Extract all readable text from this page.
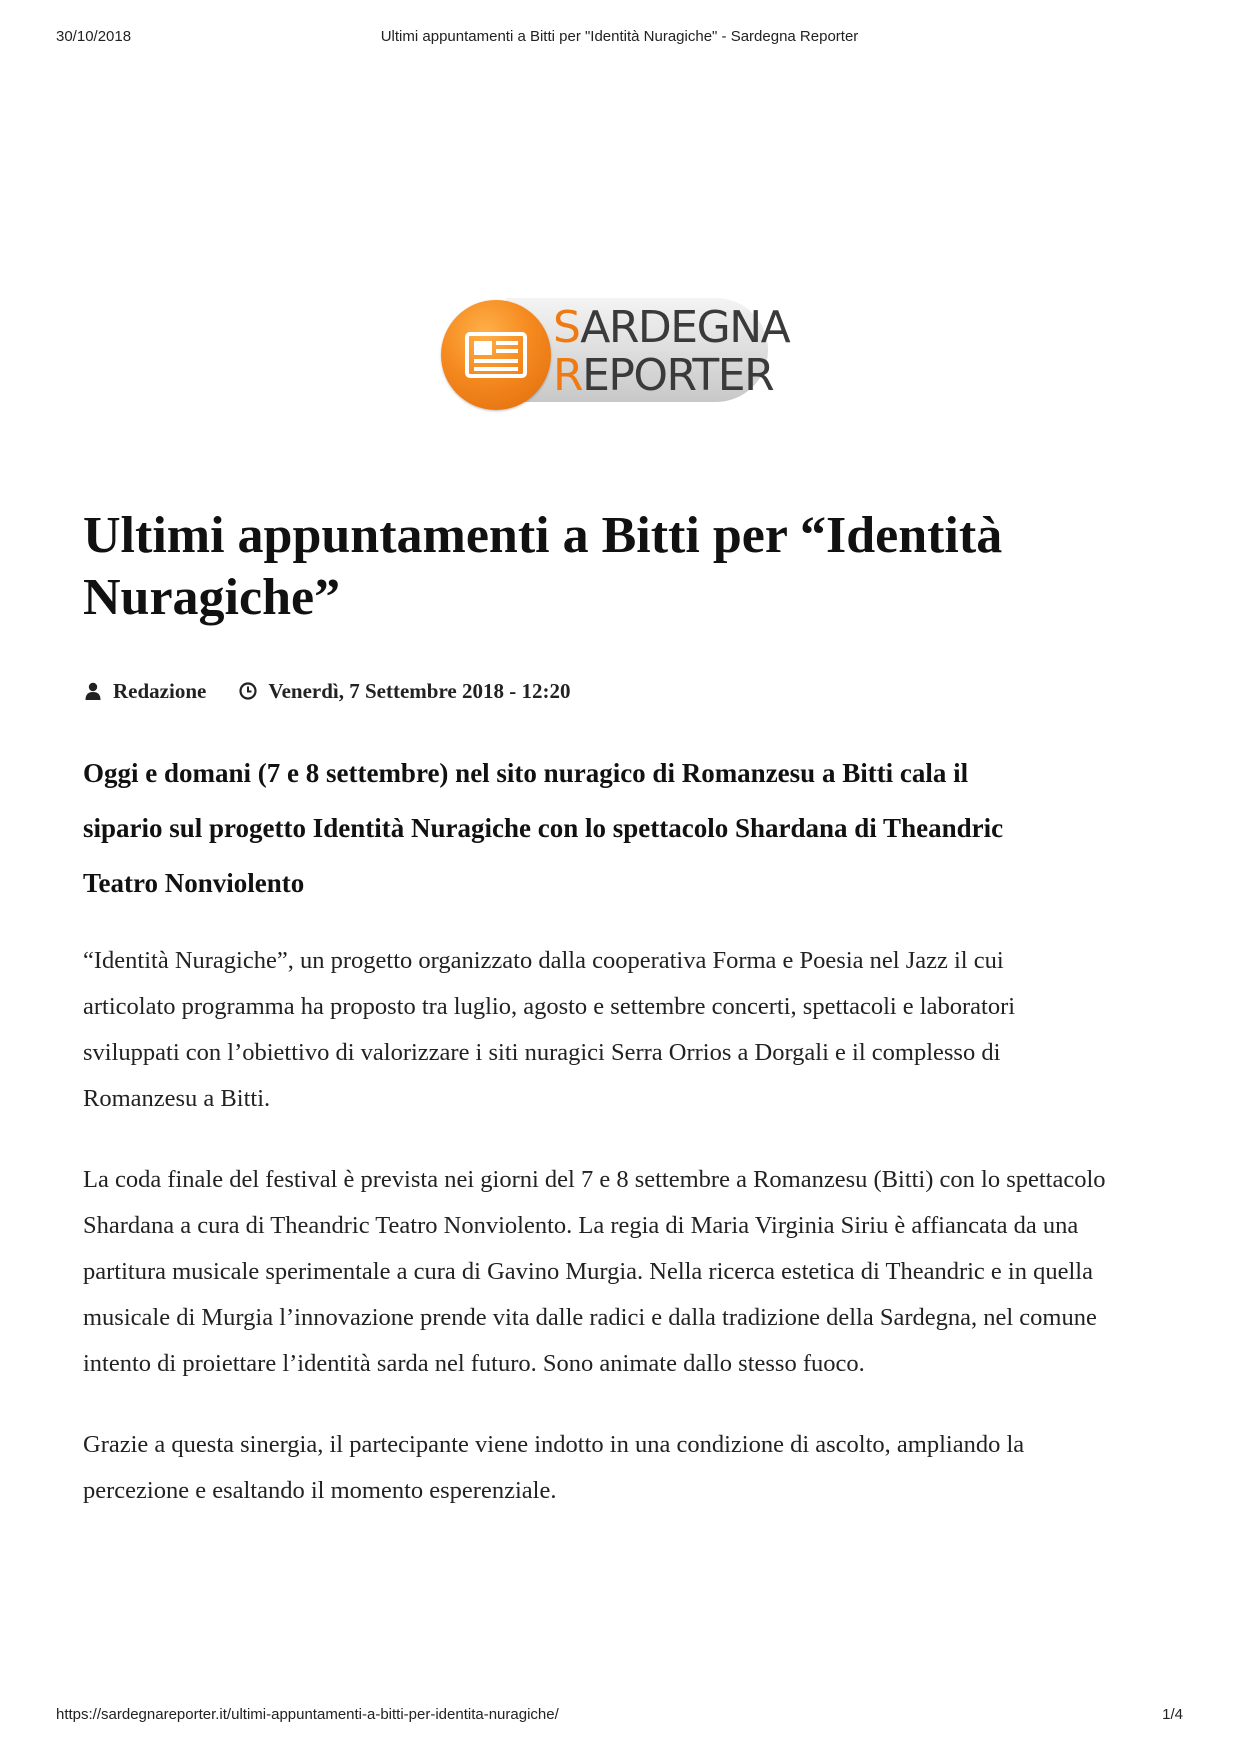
30/10/2018	Ultimi appuntamenti a Bitti per "Identità Nuragiche" - Sardegna Reporter
SARDEGNA
REPORTER
Ultimi appuntamenti a Bitti per “Identità
Nuragiche”
Redazione	Venerdì, 7 Settembre 2018 - 12:20
Oggi e domani (7 e 8 settembre) nel sito nuragico di Romanzesu a Bitti cala il
sipario sul progetto Identità Nuragiche con lo spettacolo Shardana di Theandric
Teatro Nonviolento
“Identità Nuragiche”, un progetto organizzato dalla cooperativa Forma e Poesia nel Jazz il cui
articolato programma ha proposto tra luglio, agosto e settembre concerti, spettacoli e laboratori
sviluppati con l’obiettivo di valorizzare i siti nuragici Serra Orrios a Dorgali e il complesso di
Romanzesu a Bitti.
La coda finale del festival è prevista nei giorni del 7 e 8 settembre a Romanzesu (Bitti) con lo spettacolo
Shardana a cura di Theandric Teatro Nonviolento. La regia di Maria Virginia Siriu è affiancata da una
partitura musicale sperimentale a cura di Gavino Murgia. Nella ricerca estetica di Theandric e in quella
musicale di Murgia l’innovazione prende vita dalle radici e dalla tradizione della Sardegna, nel comune
intento di proiettare l’identità sarda nel futuro. Sono animate dallo stesso fuoco.
Grazie a questa sinergia, il partecipante viene indotto in una condizione di ascolto, ampliando la
percezione e esaltando il momento esperenziale.
https://sardegnareporter.it/ultimi-appuntamenti-a-bitti-per-identita-nuragiche/	1/4
